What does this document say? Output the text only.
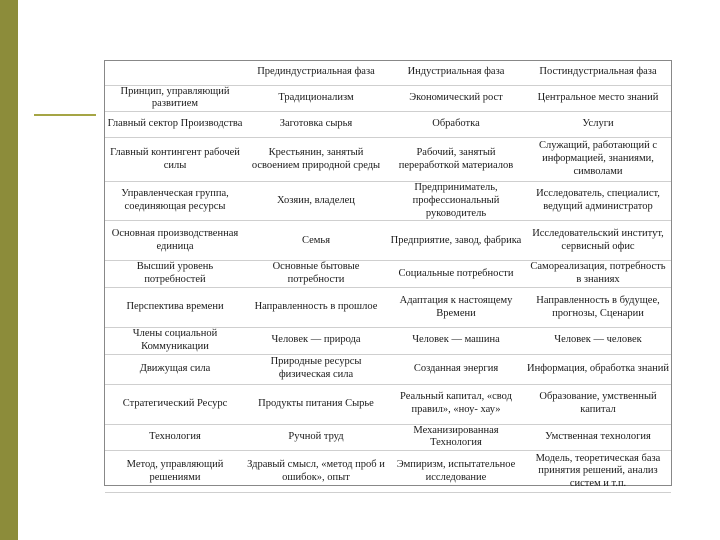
	Прединдустриальная фаза	Индустриальная фаза	Постиндустриальная фаза
Принцип, управляющий развитием	Традиционализм	Экономический рост	Центральное место знаний
Главный сектор Производства	Заготовка сырья	Обработка	Услуги
Главный контингент рабочей силы	Крестьянин, занятый освоением природной среды	Рабочий, занятый переработкой материалов	Служащий, работающий с информацией, знаниями, символами
Управленческая группа, соединяющая ресурсы	Хозяин, владелец	Предприниматель, профессиональный руководитель	Исследователь, специалист, ведущий администратор
Основная производственная единица	Семья	Предприятие, завод, фабрика	Исследовательский институт, сервисный офис
Высший уровень потребностей	Основные бытовые потребности	Социальные потребности	Самореализация, потребность в знаниях
Перспектива времени	Направленность в прошлое	Адаптация к настоящему Времени	Направленность в будущее, прогнозы, Сценарии
Члены социальной Коммуникации	Человек — природа	Человек — машина	Человек — человек
Движущая сила	Природные ресурсы физическая сила	Созданная энергия	Информация, обработка знаний
Стратегический Ресурс	Продукты питания Сырье	Реальный капитал, «свод правил», «ноу- хау»	Образование, умственный капитал
Технология	Ручной труд	Механизированная Технология	Умственная технология
Метод, управляющий решениями	Здравый смысл, «метод проб и ошибок», опыт	Эмпиризм, испытательное исследование	Модель, теоретическая база принятия решений, анализ систем и т.п.
